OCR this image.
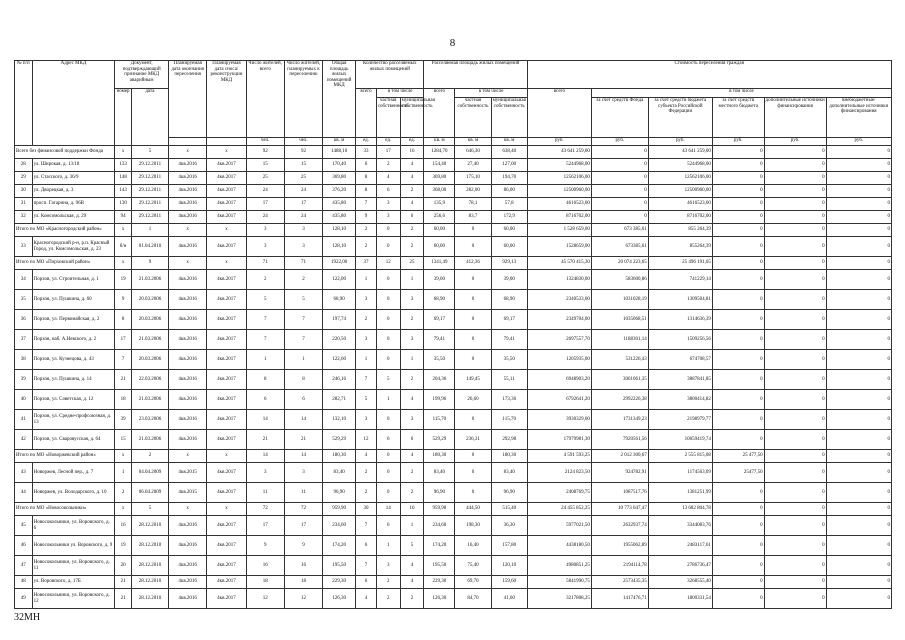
8
№ п/п	Адрес МКД	Документ, подтверждающий признание МКД аварийным		Планируемая дата окончания переселения	Планируемая дата сноса/ реконструкции МКД	Число жителей, всего	Число жителей, планируемых к переселению	Общая площадь жилых помещений МКД	Количество расселяемых жилых помещений			Расселяемая площадь жилых помещений			Стоимость переселения граждан					
		номер	дата						всего	в том числе		всего	в том числе		всего	в том числе				
										частная собственность	муниципальная собственность		частная собственность	муниципальная собственность		за счет средств Фонда	за счет средств бюджета субъекта Российской Федерации	за счет средств местного бюджета	дополнительные источники финансирования	внебюджетные/ дополнительные источники финансирования
						чел.	чел.	кв. м	ед.	ед.	ед.	кв. м	кв. м	кв. м	руб.	руб.	руб.	руб.	руб.	руб.
Всего без финансовой поддержки Фонда		х	5	х	х	92	92	1488,10	33	17	16	1284,70	646,30	638,40	43 641 259,00	0	43 641 259,00	0	0	0
28	ул. Широкая, д. 13/18	133	29.12.2011	4кв.2016	4кв.2017	15	15	170,40	6	2	4	154,40	27,40	127,00	5244968,00	0	5244968,00	0	0	0
29	ул. Стасского, д. 36/9	148	29.12.2011	4кв.2016	4кв.2017	25	25	369,80	8	4	4	369,80	175,10	194,70	12562106,00	0	12562106,00	0	0	0
30	ул. Дворецкая, д. 3	143	29.12.2011	4кв.2016	4кв.2017	24	24	376,20	8	6	2	368,00	282,00	86,00	12500960,00	0	12500960,00	0	0	0
31	просп. Гагарина, д. 96В	130	29.12.2011	4кв.2016	4кв.2017	17	17	435,80	7	3	4	135,9	78,1	57,8	4616523,00	0	4616523,00	0	0	0
32	ул. Комсомольская, д. 29	94	29.12.2011	4кв.2016	4кв.2017	24	24	435,80	9	3	6	256,6	83,7	172,9	8716702,00	0	8716702,00	0	0	0
Итого по МО «Красногородский район»		х	1	х	х	3	3	128,10	2	0	2	60,00	0	60,00	1 528 659,00	673 385,61	855 264,39	0	0	0
33	Красногородский р-н, р.п. Красный Город, ул. Комсомольская, д. 23	б/н	01.04.2010	4кв.2016	4кв.2017	3	3	128,10	2	0	2	60,00	0	60,00	1528659,00	673385,61	855264,39	0	0	0
Итого по МО «Порховский район»		х	9	х	х	71	71	1922,00	37	12	25	1341,49	412,36	929,13	45 570 415,30	20 074 223,65	25 496 191,65	0	0	0
34	Порхов, ул. Строительная, д. 1	19	21.03.2006	4кв.2016	4кв.2017	2	2	122,00	1	0	1	39,00	0	39,00	1324830,00	583600,86	741229,14	0	0	0
35	Порхов, ул. Пушкина, д. 60	9	20.03.2006	4кв.2016	4кв.2017	5	5	68,90	3	0	3	68,90	0	68,90	2340533,00	1031028,19	1309504,81	0	0	0
36	Порхов, ул. Первомайская, д. 2	8	20.03.2006	4кв.2016	4кв.2017	7	7	197,74	2	0	2	69,17	0	69,17	2349704,00	1035068,51	1314636,39	0	0	0
37	Порхов, наб. А.Невского, д. 2	17	21.03.2006	4кв.2016	4кв.2017	7	7	220,50	3	0	3	79,41	0	79,41	2697557,70	1188301,14	1509256,56	0	0	0
38	Порхов, ул. Кузнецова, д. 43	7	20.03.2006	4кв.2016	4кв.2017	1	1	122,60	1	0	1	35,50	0	35,50	1205935,00	531226,43	674708,57	0	0	0
39	Порхов, ул. Пушкина, д. 14	21	22.03.2006	4кв.2016	4кв.2017	8	8	246,16	7	5	2	204,36	149,45	55,11	6948903,20	3061061,35	3887841,85	0	0	0
40	Порхов, ул. Советская, д. 12	18	21.03.2006	4кв.2016	4кв.2017	6	6	282,71	5	1	4	199,96	26,60	173,36	6792641,20	2992226,38	3800414,82	0	0	0
41	Порхов, ул. Средне-профсоюзная, д. 13	39	23.03.2006	4кв.2016	4кв.2017	14	14	132,10	3	0	3	115,70	0	115,70	3930329,00	1731349,23	2198979,77	0	0	0
42	Порхов, ул. Сваровусская, д. 64	15	21.03.2006	4кв.2016	4кв.2017	21	21	529,29	12	6	6	529,29	236,31	292,98	17979981,30	7920561,56	10059419,74	0	0	0
Итого по МО «Новоржевский район»		х	2	х	х	14	14	180,30	4	0	4	180,30	0	180,30	4 591 593,25	2 012 300,67	2 555 815,08	25 477,50	0	0
43	Новоржев, Лесной пер., д. 7	1	04.04.2009	4кв.2015	4кв.2017	3	3	83,40	2	0	2	83,40	0	83,40	2124 823,50	924782,91	1174563,09	25477,50	0	0
44	Новоржев, ул. Володарского, д. 10	2	06.04.2009	4кв.2015	4кв.2017	11	11	96,90	2	0	2	96,90	0	96,90	2408769,75	1087517,76	1381251,99	0	0	0
Итого по МО «Новосокольники»		х	5	х	х	72	72	959,90	30	14	16	959,90	444,50	515,40	24 455 852,25	10 773 047,47	13 682 804,78	0	0	0
45	Новосокольники, ул. Воровского, д. 6	16	28.12.2010	4кв.2016	4кв.2017	17	17	234,60	7	6	1	234,60	198,30	36,30	5977021,50	2632937,74	3344083,76	0	0	0
46	Новосокольники ул. Воровского, д. 9	19	28.12.2010	4кв.2016	4кв.2017	9	9	174,20	6	1	5	174,20	16,40	157,80	4438180,50	1955062,89	2483117,61	0	0	0
47	Новосокольники, ул. Воровского, д. 11	20	28.12.2010	4кв.2016	4кв.2017	16	16	195,50	7	3	4	195,50	75,40	120,10	4980851,25	2194114,78	2786736,47	0	0	0
48	ул. Воровского, д. 17Б	21	28.12.2010	4кв.2016	4кв.2017	18	18	229,30	6	2	4	229,30	69,70	159,60	5841990,75	2573435,35	3268555,40	0	0	0
49	Новосокольники, ул. Воровского, д. 12	21	28.12.2010	4кв.2016	4кв.2017	12	12	126,30	4	2	2	126,30	84,70	41,60	3217808,25	1417476,71	1800331,54	0	0	0
32МН
